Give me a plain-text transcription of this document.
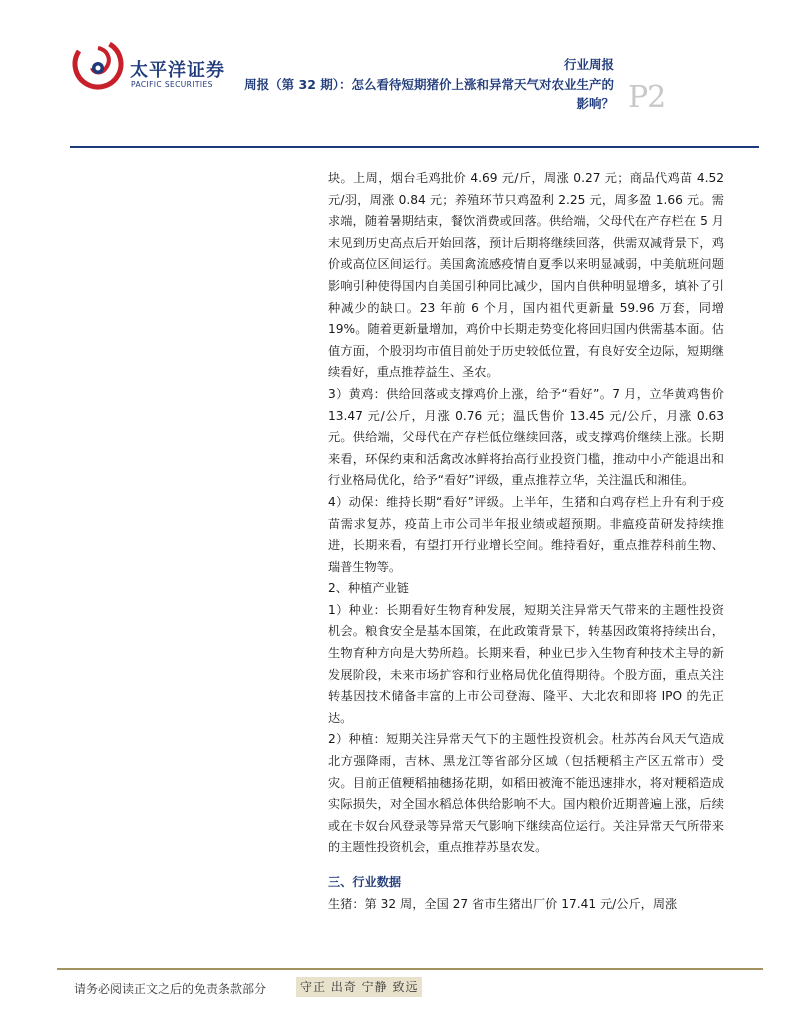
太平洋证券
PACIFIC SECURITIES
行业周报
周报（第 32 期）：怎么看待短期猪价上涨和异常天气对农业生产的影响？ P2

块。上周，烟台毛鸡批价 4.69 元/斤，周涨 0.27 元；商品代鸡苗 4.52 元/羽，周涨 0.84 元；养殖环节只鸡盈利 2.25 元，周多盈 1.66 元。需求端，随着暑期结束，餐饮消费或回落。供给端，父母代在产存栏在 5 月末见到历史高点后开始回落，预计后期将继续回落，供需双减背景下，鸡价或高位区间运行。美国禽流感疫情自夏季以来明显减弱，中美航班问题影响引种使得国内自美国引种同比减少，国内自供种明显增多，填补了引种减少的缺口。23 年前 6 个月，国内祖代更新量 59.96 万套，同增 19%。随着更新量增加，鸡价中长期走势变化将回归国内供需基本面。估值方面，个股羽均市值目前处于历史较低位置，有良好安全边际，短期继续看好，重点推荐益生、圣农。

3）黄鸡：供给回落或支撑鸡价上涨，给予“看好”。7 月，立华黄鸡售价 13.47 元/公斤，月涨 0.76 元；温氏售价 13.45 元/公斤，月涨 0.63 元。供给端，父母代在产存栏低位继续回落，或支撑鸡价继续上涨。长期来看，环保约束和活禽改冰鲜将抬高行业投资门槛，推动中小产能退出和行业格局优化，给予“看好”评级，重点推荐立华，关注温氏和湘佳。

4）动保：维持长期“看好”评级。上半年，生猪和白鸡存栏上升有利于疫苗需求复苏，疫苗上市公司半年报业绩或超预期。非瘟疫苗研发持续推进，长期来看，有望打开行业增长空间。维持看好，重点推荐科前生物、瑞普生物等。

2、种植产业链

1）种业：长期看好生物育种发展，短期关注异常天气带来的主题性投资机会。粮食安全是基本国策，在此政策背景下，转基因政策将持续出台，生物育种方向是大势所趋。长期来看，种业已步入生物育种技术主导的新发展阶段，未来市场扩容和行业格局优化值得期待。个股方面，重点关注转基因技术储备丰富的上市公司登海、隆平、大北农和即将 IPO 的先正达。

2）种植：短期关注异常天气下的主题性投资机会。杜苏芮台风天气造成北方强降雨，吉林、黑龙江等省部分区域（包括粳稻主产区五常市）受灾。目前正值粳稻抽穗扬花期，如稻田被淹不能迅速排水，将对粳稻造成实际损失，对全国水稻总体供给影响不大。国内粮价近期普遍上涨，后续或在卡奴台风登录等异常天气影响下继续高位运行。关注异常天气所带来的主题性投资机会，重点推荐苏垦农发。

三、行业数据

生猪：第 32 周，全国 27 省市生猪出厂价 17.41 元/公斤，周涨

请务必阅读正文之后的免责条款部分	守正 出奇 宁静 致远
